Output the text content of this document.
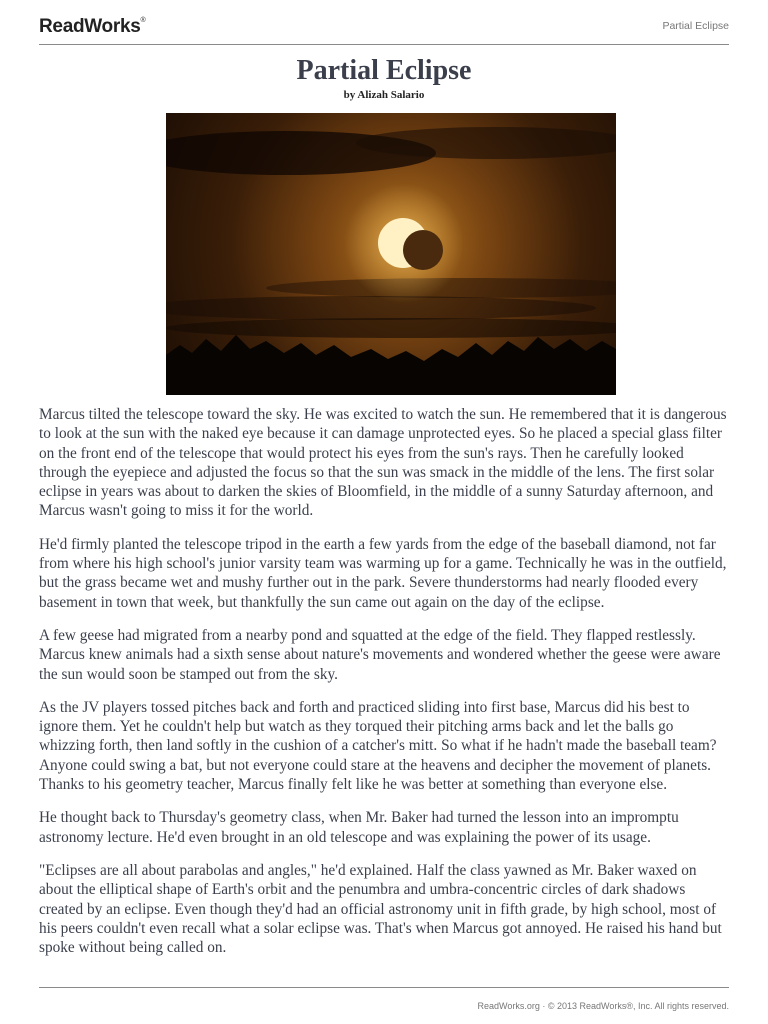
ReadWorks®	Partial Eclipse
Partial Eclipse
by Alizah Salario

Marcus tilted the telescope toward the sky. He was excited to watch the sun. He remembered that it is dangerous to look at the sun with the naked eye because it can damage unprotected eyes. So he placed a special glass filter on the front end of the telescope that would protect his eyes from the sun's rays. Then he carefully looked through the eyepiece and adjusted the focus so that the sun was smack in the middle of the lens. The first solar eclipse in years was about to darken the skies of Bloomfield, in the middle of a sunny Saturday afternoon, and Marcus wasn't going to miss it for the world.

He'd firmly planted the telescope tripod in the earth a few yards from the edge of the baseball diamond, not far from where his high school's junior varsity team was warming up for a game. Technically he was in the outfield, but the grass became wet and mushy further out in the park. Severe thunderstorms had nearly flooded every basement in town that week, but thankfully the sun came out again on the day of the eclipse.

A few geese had migrated from a nearby pond and squatted at the edge of the field. They flapped restlessly. Marcus knew animals had a sixth sense about nature's movements and wondered whether the geese were aware the sun would soon be stamped out from the sky.

As the JV players tossed pitches back and forth and practiced sliding into first base, Marcus did his best to ignore them. Yet he couldn't help but watch as they torqued their pitching arms back and let the balls go whizzing forth, then land softly in the cushion of a catcher's mitt. So what if he hadn't made the baseball team? Anyone could swing a bat, but not everyone could stare at the heavens and decipher the movement of planets. Thanks to his geometry teacher, Marcus finally felt like he was better at something than everyone else.

He thought back to Thursday's geometry class, when Mr. Baker had turned the lesson into an impromptu astronomy lecture. He'd even brought in an old telescope and was explaining the power of its usage.

"Eclipses are all about parabolas and angles," he'd explained. Half the class yawned as Mr. Baker waxed on about the elliptical shape of Earth's orbit and the penumbra and umbra-concentric circles of dark shadows created by an eclipse. Even though they'd had an official astronomy unit in fifth grade, by high school, most of his peers couldn't even recall what a solar eclipse was. That's when Marcus got annoyed. He raised his hand but spoke without being called on.

ReadWorks.org · © 2013 ReadWorks®, Inc. All rights reserved.
